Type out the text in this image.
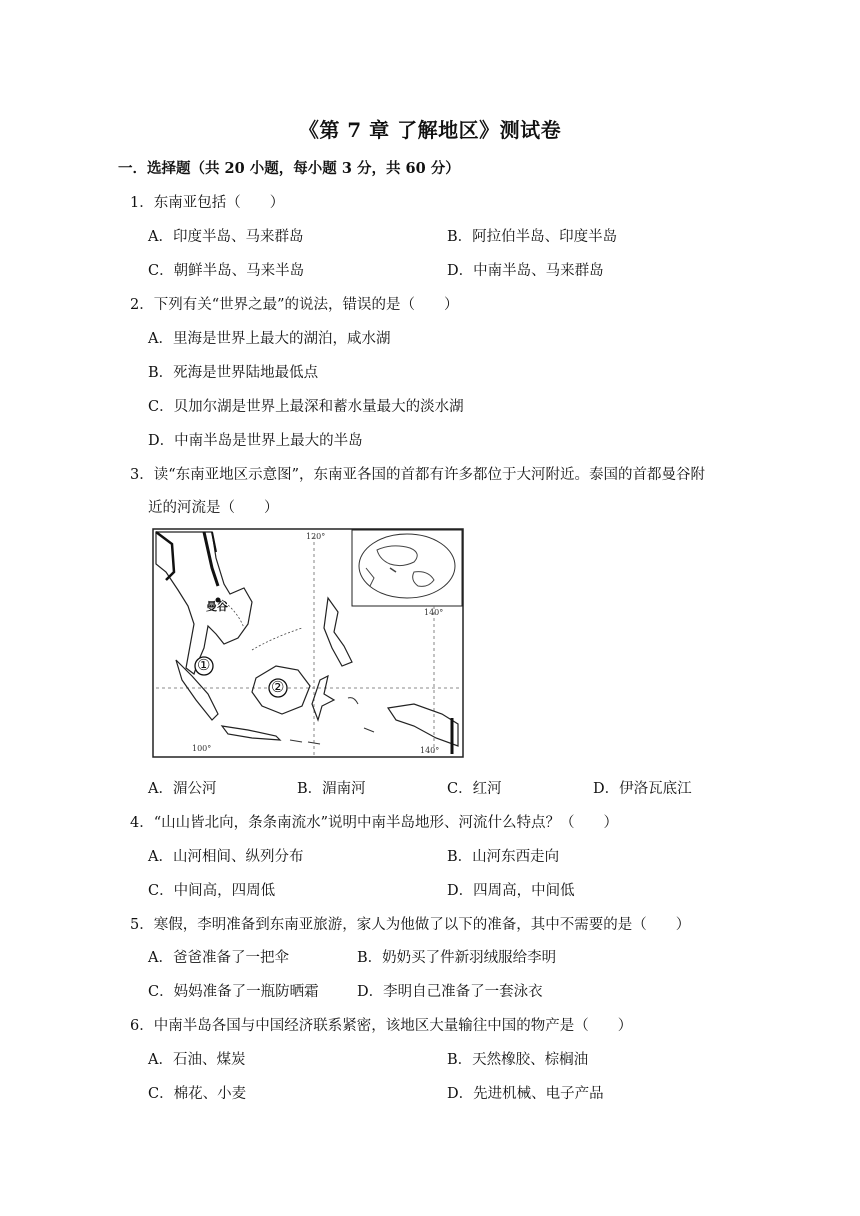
《第 7 章 了解地区》测试卷
一．选择题（共 20 小题，每小题 3 分，共 60 分）
1．东南亚包括（　　）
A．印度半岛、马来群岛	B．阿拉伯半岛、印度半岛
C．朝鲜半岛、马来半岛	D．中南半岛、马来群岛
2．下列有关“世界之最”的说法，错误的是（　　）
A．里海是世界上最大的湖泊，咸水湖
B．死海是世界陆地最低点
C．贝加尔湖是世界上最深和蓄水量最大的淡水湖
D．中南半岛是世界上最大的半岛
3．读“东南亚地区示意图”，东南亚各国的首都有许多都位于大河附近。泰国的首都曼谷附
近的河流是（　　）
曼谷
①
②
120°
140°
100°	140°
A．湄公河	B．湄南河	C．红河	D．伊洛瓦底江
4．“山山皆北向，条条南流水”说明中南半岛地形、河流什么特点？（　　）
A．山河相间、纵列分布	B．山河东西走向
C．中间高，四周低	D．四周高，中间低
5．寒假，李明准备到东南亚旅游，家人为他做了以下的准备，其中不需要的是（　　）
A．爸爸准备了一把伞	B．奶奶买了件新羽绒服给李明
C．妈妈准备了一瓶防晒霜	D．李明自己准备了一套泳衣
6．中南半岛各国与中国经济联系紧密，该地区大量输往中国的物产是（　　）
A．石油、煤炭	B．天然橡胶、棕榈油
C．棉花、小麦	D．先进机械、电子产品
